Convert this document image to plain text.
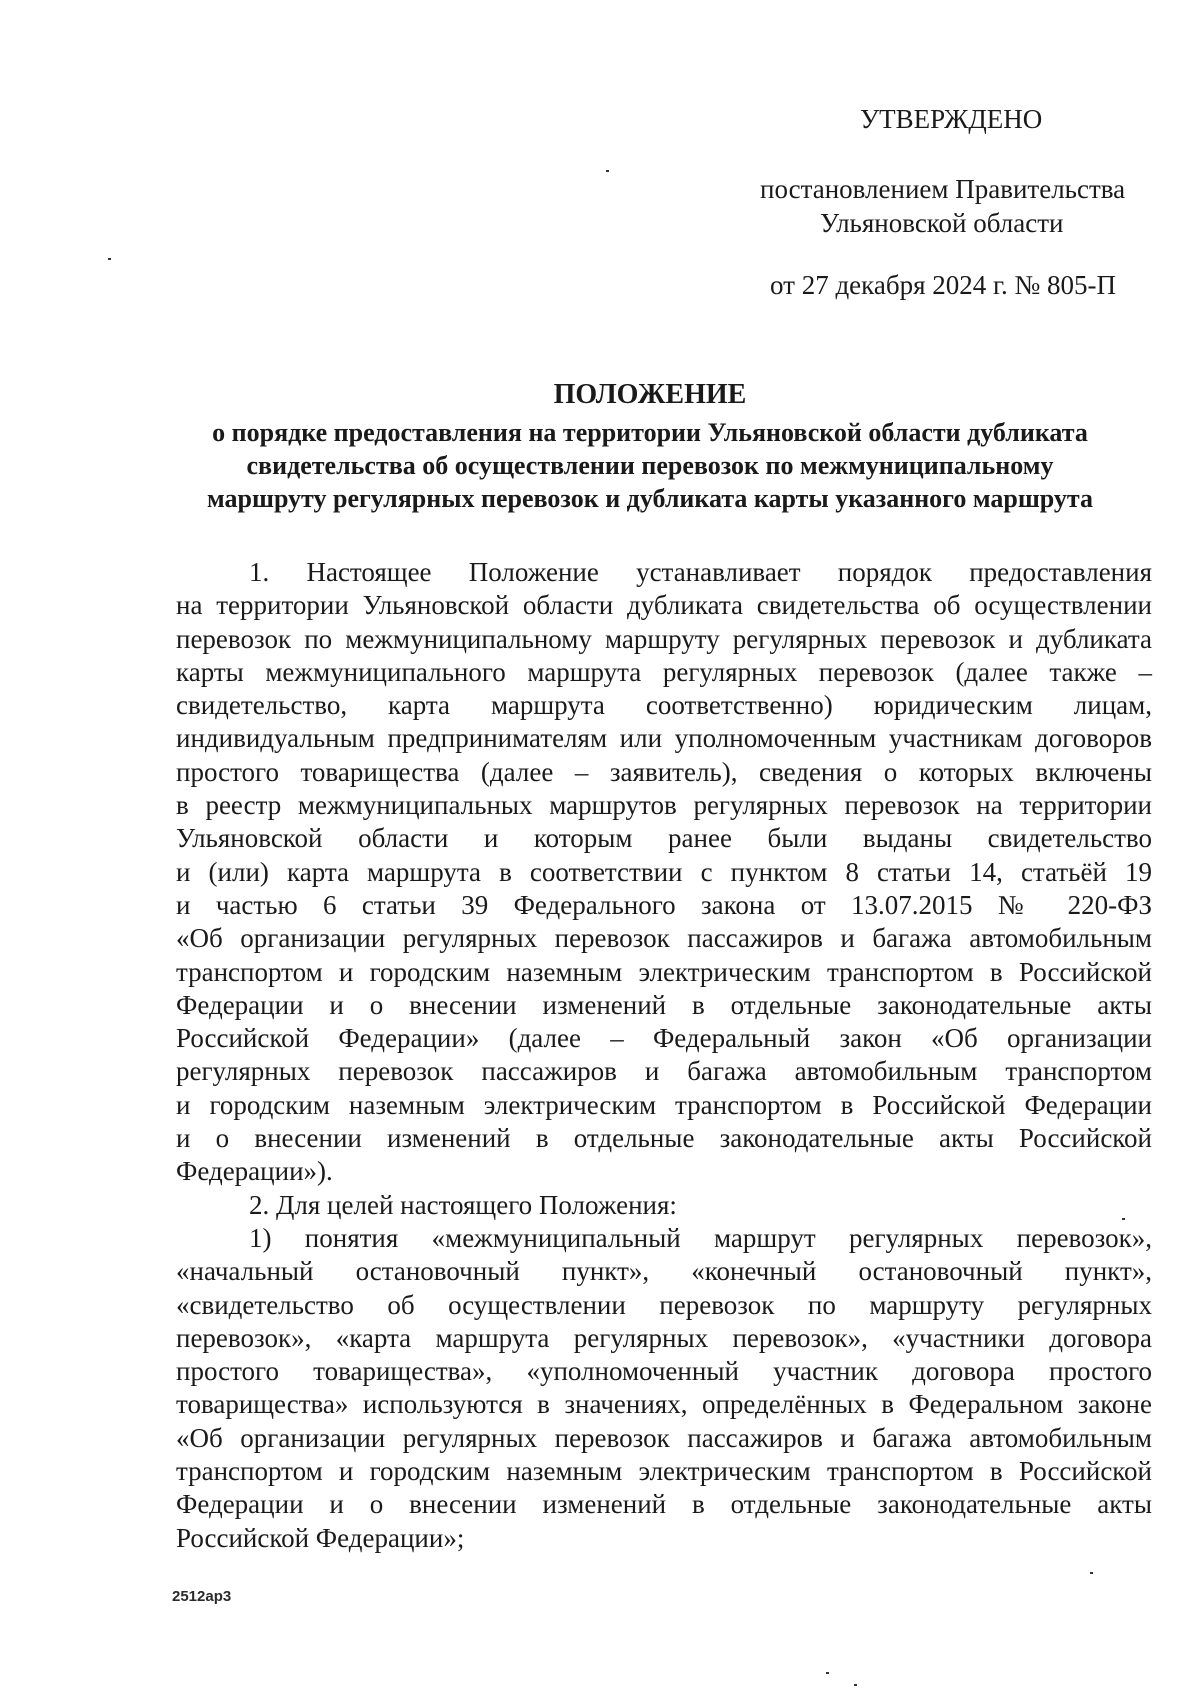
УТВЕРЖДЕНО
постановлением Правительства
Ульяновской области
от 27 декабря 2024 г. № 805-П
ПОЛОЖЕНИЕ
о порядке предоставления на территории Ульяновской области дубликата
свидетельства об осуществлении перевозок по межмуниципальному
маршруту регулярных перевозок и дубликата карты указанного маршрута
1. Настоящее Положение устанавливает порядок предоставления
на территории Ульяновской области дубликата свидетельства об осуществлении
перевозок по межмуниципальному маршруту регулярных перевозок и дубликата
карты межмуниципального маршрута регулярных перевозок (далее также –
свидетельство, карта маршрута соответственно) юридическим лицам,
индивидуальным предпринимателям или уполномоченным участникам договоров
простого товарищества (далее – заявитель), сведения о которых включены
в реестр межмуниципальных маршрутов регулярных перевозок на территории
Ульяновской области и которым ранее были выданы свидетельство
и (или) карта маршрута в соответствии с пунктом 8 статьи 14, статьёй 19
и частью 6 статьи 39 Федерального закона от 13.07.2015 № 220-ФЗ
«Об организации регулярных перевозок пассажиров и багажа автомобильным
транспортом и городским наземным электрическим транспортом в Российской
Федерации и о внесении изменений в отдельные законодательные акты
Российской Федерации» (далее – Федеральный закон «Об организации
регулярных перевозок пассажиров и багажа автомобильным транспортом
и городским наземным электрическим транспортом в Российской Федерации
и о внесении изменений в отдельные законодательные акты Российской
Федерации»).
2. Для целей настоящего Положения:
1) понятия «межмуниципальный маршрут регулярных перевозок»,
«начальный остановочный пункт», «конечный остановочный пункт»,
«свидетельство об осуществлении перевозок по маршруту регулярных
перевозок», «карта маршрута регулярных перевозок», «участники договора
простого товарищества», «уполномоченный участник договора простого
товарищества» используются в значениях, определённых в Федеральном законе
«Об организации регулярных перевозок пассажиров и багажа автомобильным
транспортом и городским наземным электрическим транспортом в Российской
Федерации и о внесении изменений в отдельные законодательные акты
Российской Федерации»;
2512ар3
